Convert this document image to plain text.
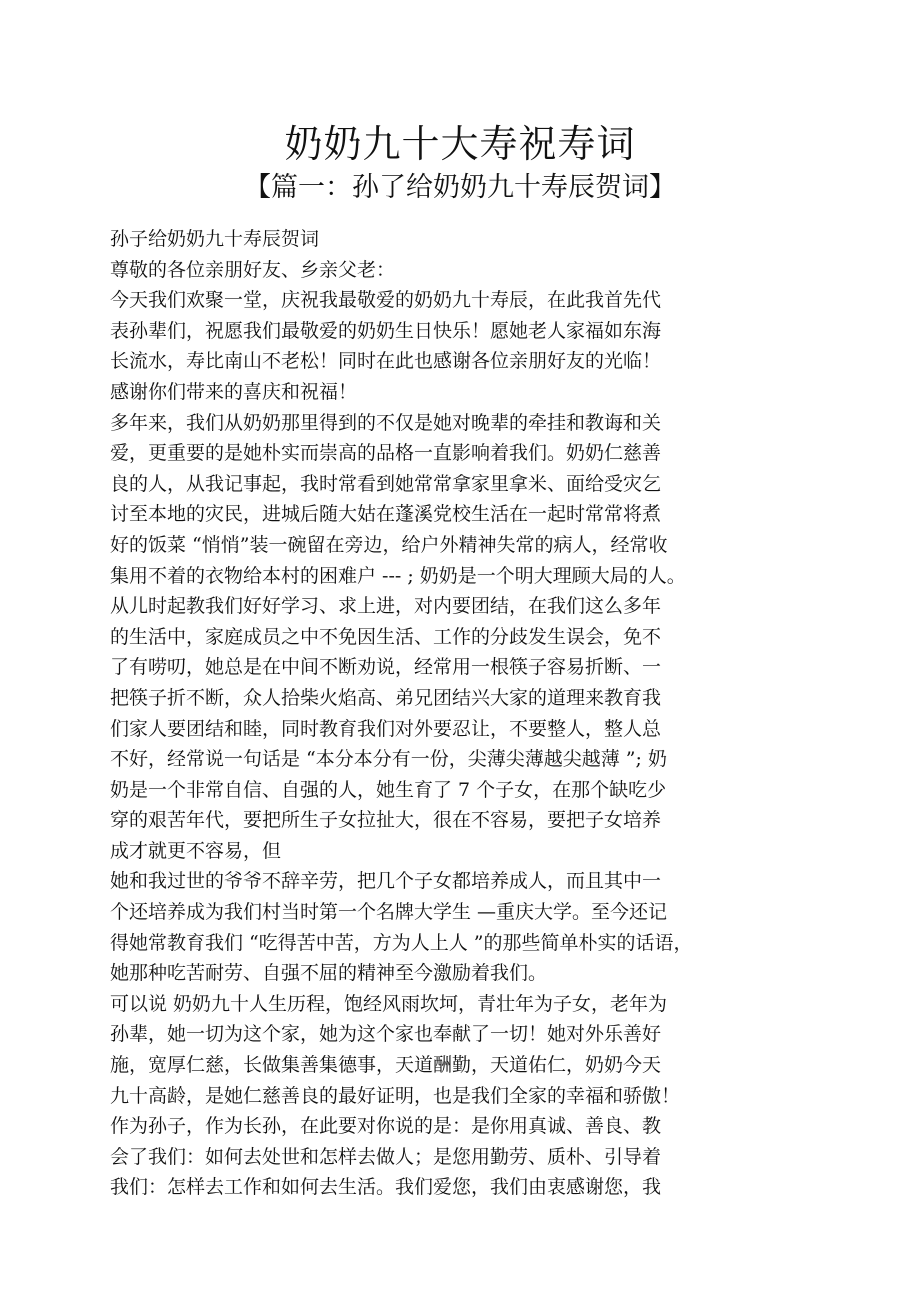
奶奶九十大寿祝寿词
【篇一：孙了给奶奶九十寿辰贺词】
孙子给奶奶九十寿辰贺词
尊敬的各位亲朋好友、乡亲父老：
今天我们欢聚一堂，庆祝我最敬爱的奶奶九十寿辰，在此我首先代
表孙辈们，祝愿我们最敬爱的奶奶生日快乐！愿她老人家福如东海
长流水，寿比南山不老松！同时在此也感谢各位亲朋好友的光临！
感谢你们带来的喜庆和祝福！
多年来，我们从奶奶那里得到的不仅是她对晚辈的牵挂和教诲和关
爱，更重要的是她朴实而崇高的品格一直影响着我们。奶奶仁慈善
良的人，从我记事起，我时常看到她常常拿家里拿米、面给受灾乞
讨至本地的灾民，进城后随大姑在蓬溪党校生活在一起时常常将煮
好的饭菜 “悄悄”装一碗留在旁边，给户外精神失常的病人，经常收
集用不着的衣物给本村的困难户 --- ; 奶奶是一个明大理顾大局的人。
从儿时起教我们好好学习、求上进，对内要团结，在我们这么多年
的生活中，家庭成员之中不免因生活、工作的分歧发生误会，免不
了有唠叨，她总是在中间不断劝说，经常用一根筷子容易折断、一
把筷子折不断，众人拾柴火焰高、弟兄团结兴大家的道理来教育我
们家人要团结和睦，同时教育我们对外要忍让，不要整人，整人总
不好，经常说一句话是 “本分本分有一份，尖薄尖薄越尖越薄 ”; 奶
奶是一个非常自信、自强的人，她生育了 7 个子女，在那个缺吃少
穿的艰苦年代，要把所生子女拉扯大，很在不容易，要把子女培养
成才就更不容易，但
她和我过世的爷爷不辞辛劳，把几个子女都培养成人，而且其中一
个还培养成为我们村当时第一个名牌大学生 —重庆大学。至今还记
得她常教育我们 “吃得苦中苦，方为人上人 ”的那些简单朴实的话语，
她那种吃苦耐劳、自强不屈的精神至今激励着我们。
可以说 奶奶九十人生历程，饱经风雨坎坷，青壮年为子女，老年为
孙辈，她一切为这个家，她为这个家也奉献了一切！她对外乐善好
施，宽厚仁慈，长做集善集德事，天道酬勤，天道佑仁，奶奶今天
九十高龄，是她仁慈善良的最好证明，也是我们全家的幸福和骄傲！
作为孙子，作为长孙，在此要对你说的是：是你用真诚、善良、教
会了我们：如何去处世和怎样去做人；是您用勤劳、质朴、引导着
我们：怎样去工作和如何去生活。我们爱您，我们由衷感谢您，我
